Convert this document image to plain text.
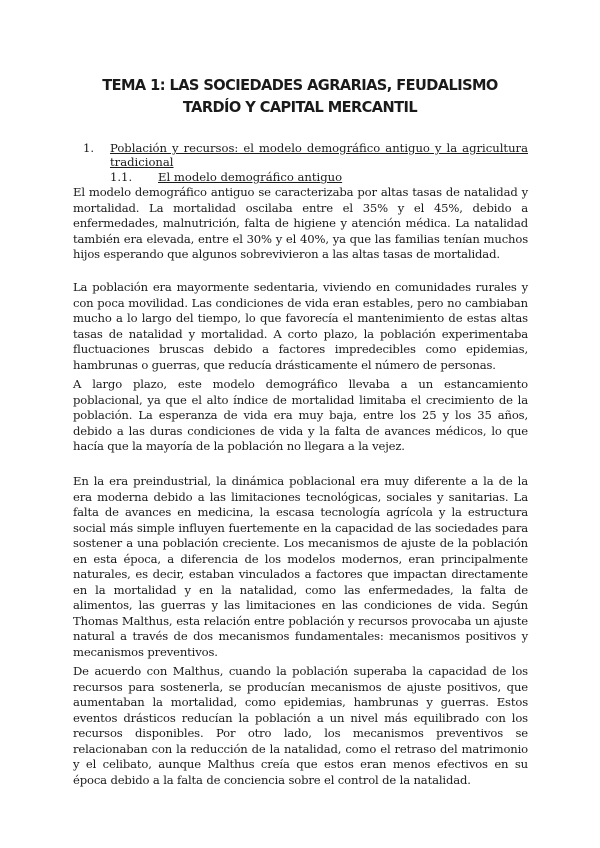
TEMA 1: LAS SOCIEDADES AGRARIAS, FEUDALISMO TARDÍO Y CAPITAL MERCANTIL
1. Población y recursos: el modelo demográfico antiguo y la agricultura tradicional
1.1. El modelo demográfico antiguo

El modelo demográfico antiguo se caracterizaba por altas tasas de natalidad y mortalidad. La mortalidad oscilaba entre el 35% y el 45%, debido a enfermedades, malnutrición, falta de higiene y atención médica. La natalidad también era elevada, entre el 30% y el 40%, ya que las familias tenían muchos hijos esperando que algunos sobrevivieron a las altas tasas de mortalidad.

La población era mayormente sedentaria, viviendo en comunidades rurales y con poca movilidad. Las condiciones de vida eran estables, pero no cambiaban mucho a lo largo del tiempo, lo que favorecía el mantenimiento de estas altas tasas de natalidad y mortalidad. A corto plazo, la población experimentaba fluctuaciones bruscas debido a factores impredecibles como epidemias, hambrunas o guerras, que reducía drásticamente el número de personas.

A largo plazo, este modelo demográfico llevaba a un estancamiento poblacional, ya que el alto índice de mortalidad limitaba el crecimiento de la población. La esperanza de vida era muy baja, entre los 25 y los 35 años, debido a las duras condiciones de vida y la falta de avances médicos, lo que hacía que la mayoría de la población no llegara a la vejez.

En la era preindustrial, la dinámica poblacional era muy diferente a la de la era moderna debido a las limitaciones tecnológicas, sociales y sanitarias. La falta de avances en medicina, la escasa tecnología agrícola y la estructura social más simple influyen fuertemente en la capacidad de las sociedades para sostener a una población creciente. Los mecanismos de ajuste de la población en esta época, a diferencia de los modelos modernos, eran principalmente naturales, es decir, estaban vinculados a factores que impactan directamente en la mortalidad y en la natalidad, como las enfermedades, la falta de alimentos, las guerras y las limitaciones en las condiciones de vida. Según Thomas Malthus, esta relación entre población y recursos provocaba un ajuste natural a través de dos mecanismos fundamentales: mecanismos positivos y mecanismos preventivos.

De acuerdo con Malthus, cuando la población superaba la capacidad de los recursos para sostenerla, se producían mecanismos de ajuste positivos, que aumentaban la mortalidad, como epidemias, hambrunas y guerras. Estos eventos drásticos reducían la población a un nivel más equilibrado con los recursos disponibles. Por otro lado, los mecanismos preventivos se relacionaban con la reducción de la natalidad, como el retraso del matrimonio y el celibato, aunque Malthus creía que estos eran menos efectivos en su época debido a la falta de conciencia sobre el control de la natalidad.
